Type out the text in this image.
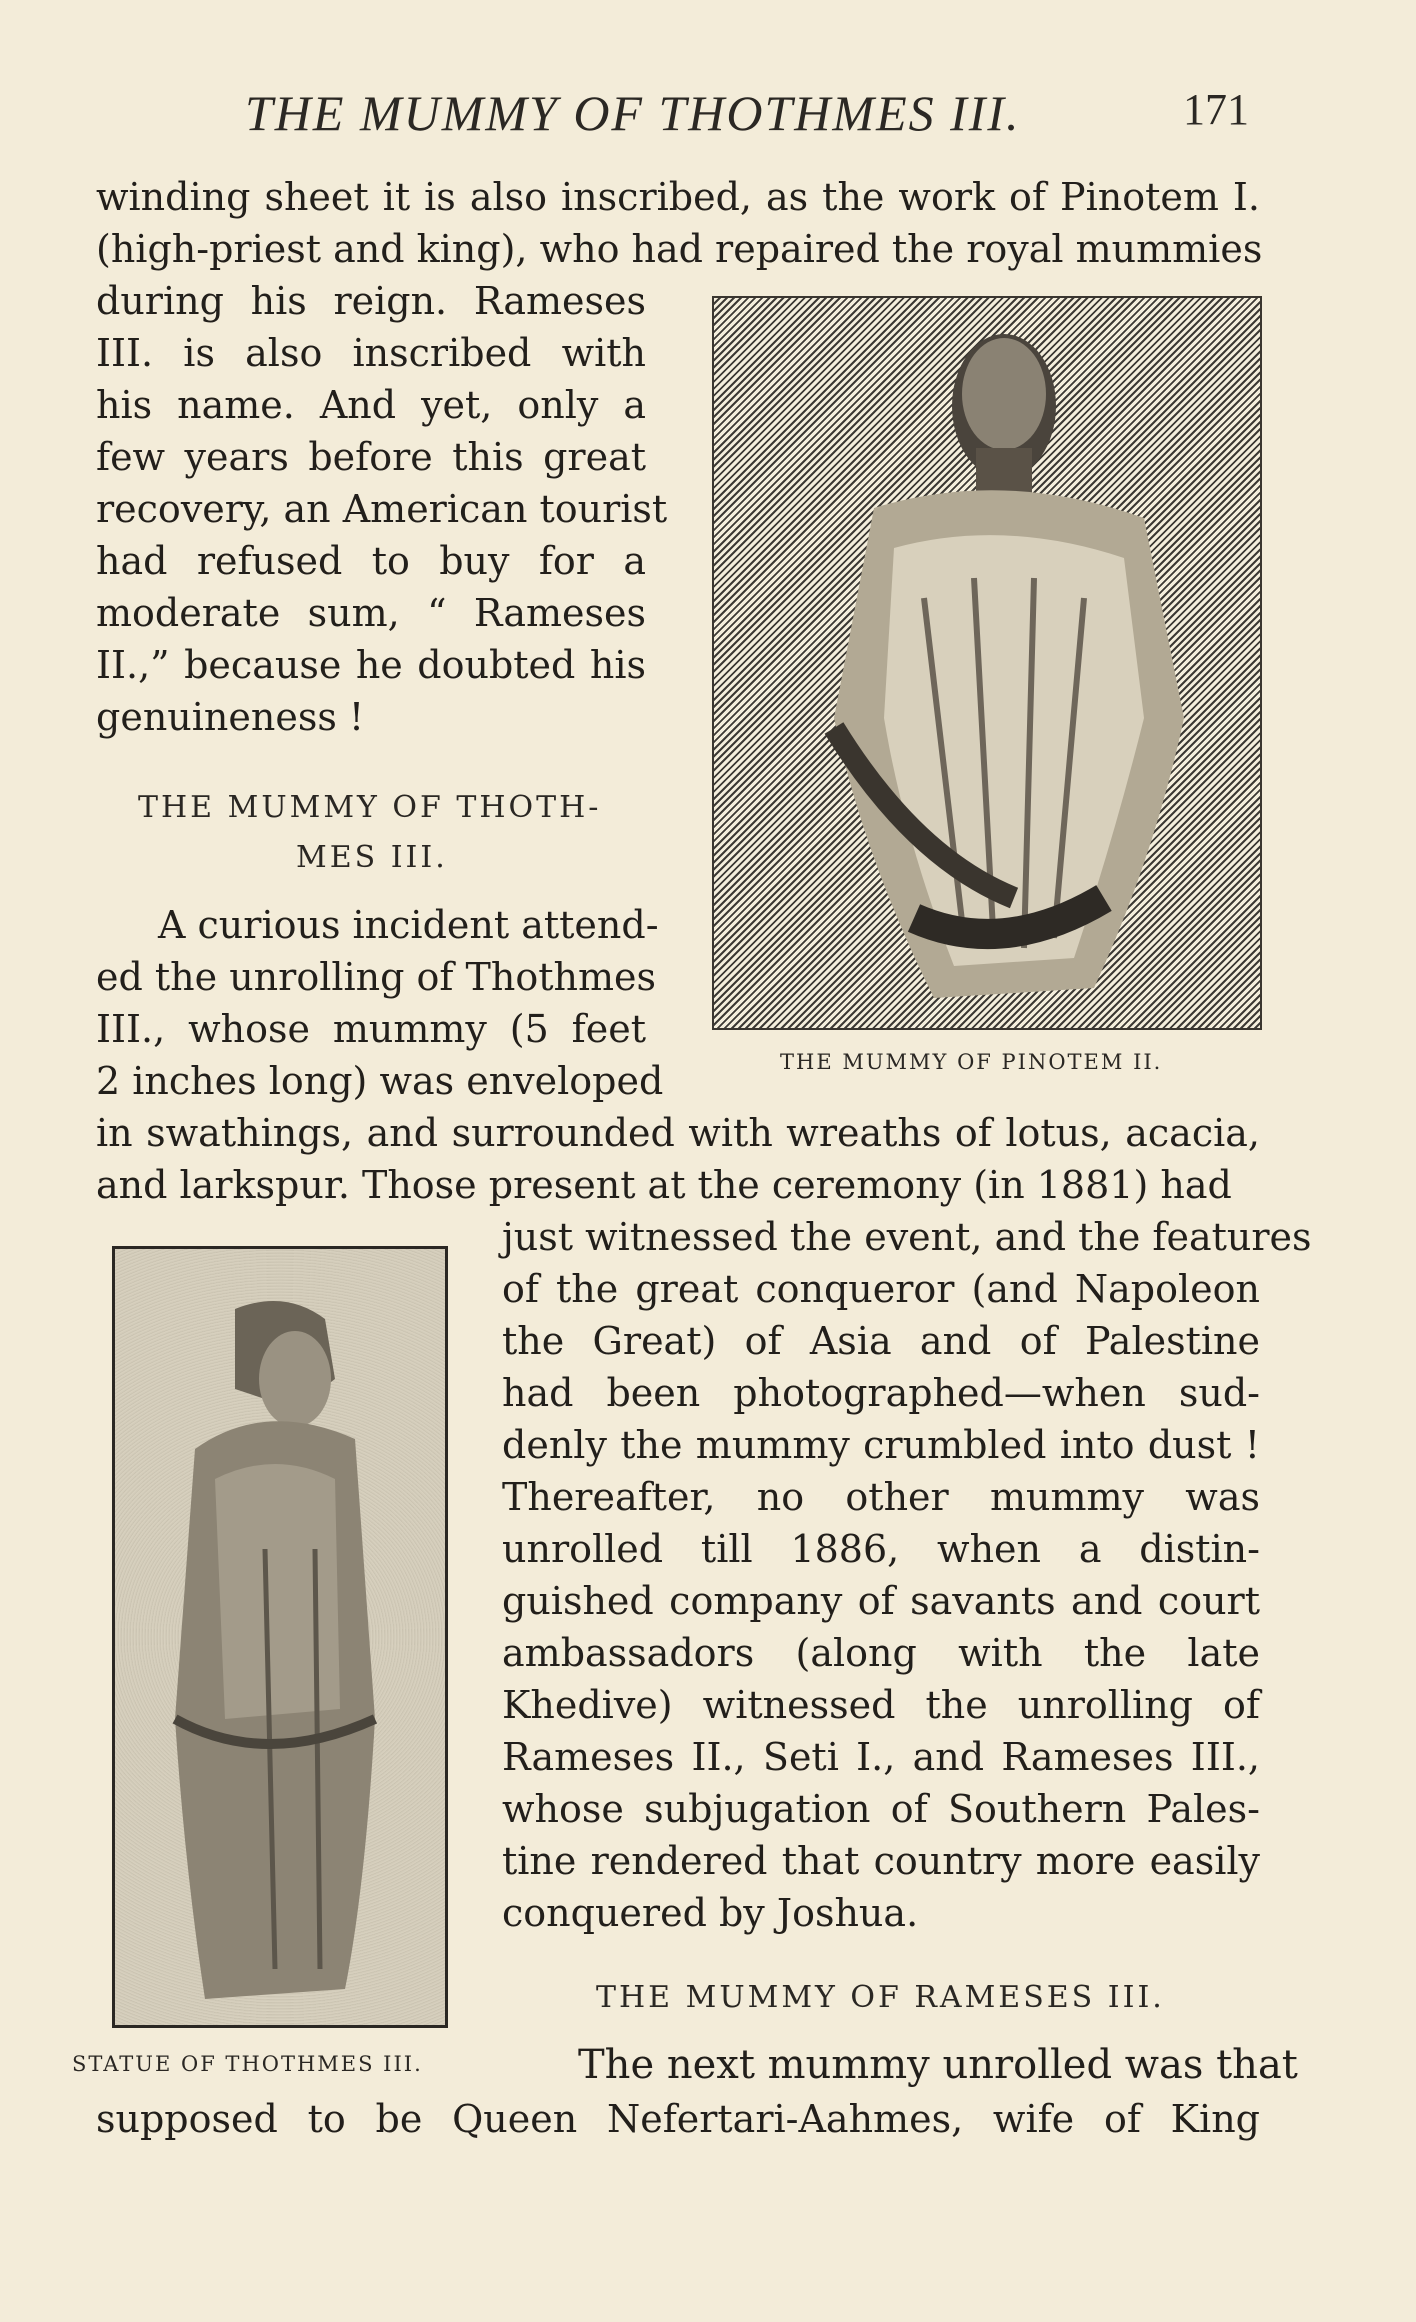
THE MUMMY OF THOTHMES III.	171
winding sheet it is also inscribed, as the work of Pinotem I.
(high-priest and king), who had repaired the royal mummies
during his reign. Rameses
III. is also inscribed with
his name. And yet, only a
few years before this great
recovery, an American tourist
had refused to buy for a
moderate sum, “ Rameses
II.,” because he doubted his
genuineness !
THE MUMMY OF THOTH-
MES III.
A curious incident attend-
ed the unrolling of Thothmes
III., whose mummy (5 feet
2 inches long) was enveloped	THE MUMMY OF PINOTEM II.
in swathings, and surrounded with wreaths of lotus, acacia,
and larkspur. Those present at the ceremony (in 1881) had
STATUE OF THOTHMES III.
just witnessed the event, and the features
of the great conqueror (and Napoleon
the Great) of Asia and of Palestine
had been photographed—when sud-
denly the mummy crumbled into dust !
Thereafter, no other mummy was
unrolled till 1886, when a distin-
guished company of savants and court
ambassadors (along with the late
Khedive) witnessed the unrolling of
Rameses II., Seti I., and Rameses III.,
whose subjugation of Southern Pales-
tine rendered that country more easily
conquered by Joshua.
THE MUMMY OF RAMESES III.
The next mummy unrolled was that
supposed to be Queen Nefertari-Aahmes, wife of King
